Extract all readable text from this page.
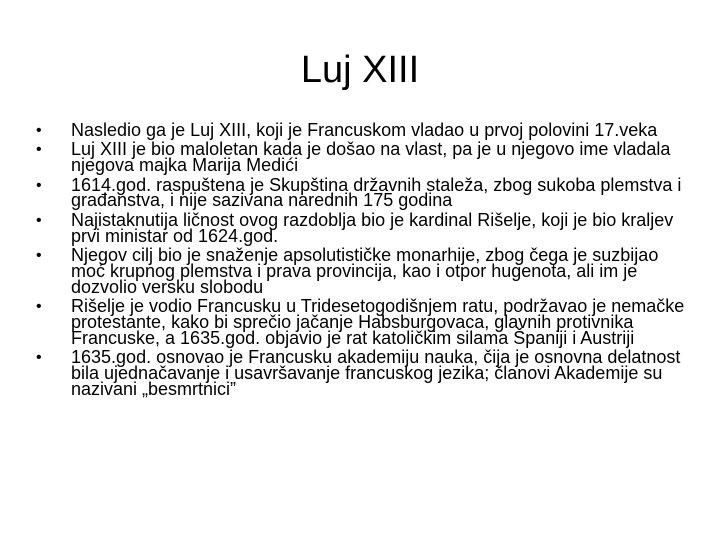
Luj XIII
•	Nasledio ga je Luj XIII, koji je Francuskom vladao u prvoj polovini 17.veka
•	Luj XIII je bio maloletan kada je došao na vlast, pa je u njegovo ime vladala njegova majka Marija Medići
•	1614.god. raspuštena je Skupština državnih staleža, zbog sukoba plemstva i građanstva, i nije sazivana narednih 175 godina
•	Najistaknutija ličnost ovog razdoblja bio je kardinal Rišelje, koji je bio kraljev prvi ministar od 1624.god.
•	Njegov cilj bio je snaženje apsolutističke monarhije, zbog čega je suzbijao moć krupnog plemstva i prava provincija, kao i otpor hugenota, ali im je dozvolio versku slobodu
•	Rišelje je vodio Francusku u Tridesetogodišnjem ratu, podržavao je nemačke protestante, kako bi sprečio jačanje Habsburgovaca, glavnih protivnika Francuske, a 1635.god. objavio je rat katoličkim silama Španiji i Austriji
•	1635.god. osnovao je Francusku akademiju nauka, čija je osnovna delatnost bila ujednačavanje i usavršavanje francuskog jezika; članovi Akademije su nazivani „besmrtnici”
